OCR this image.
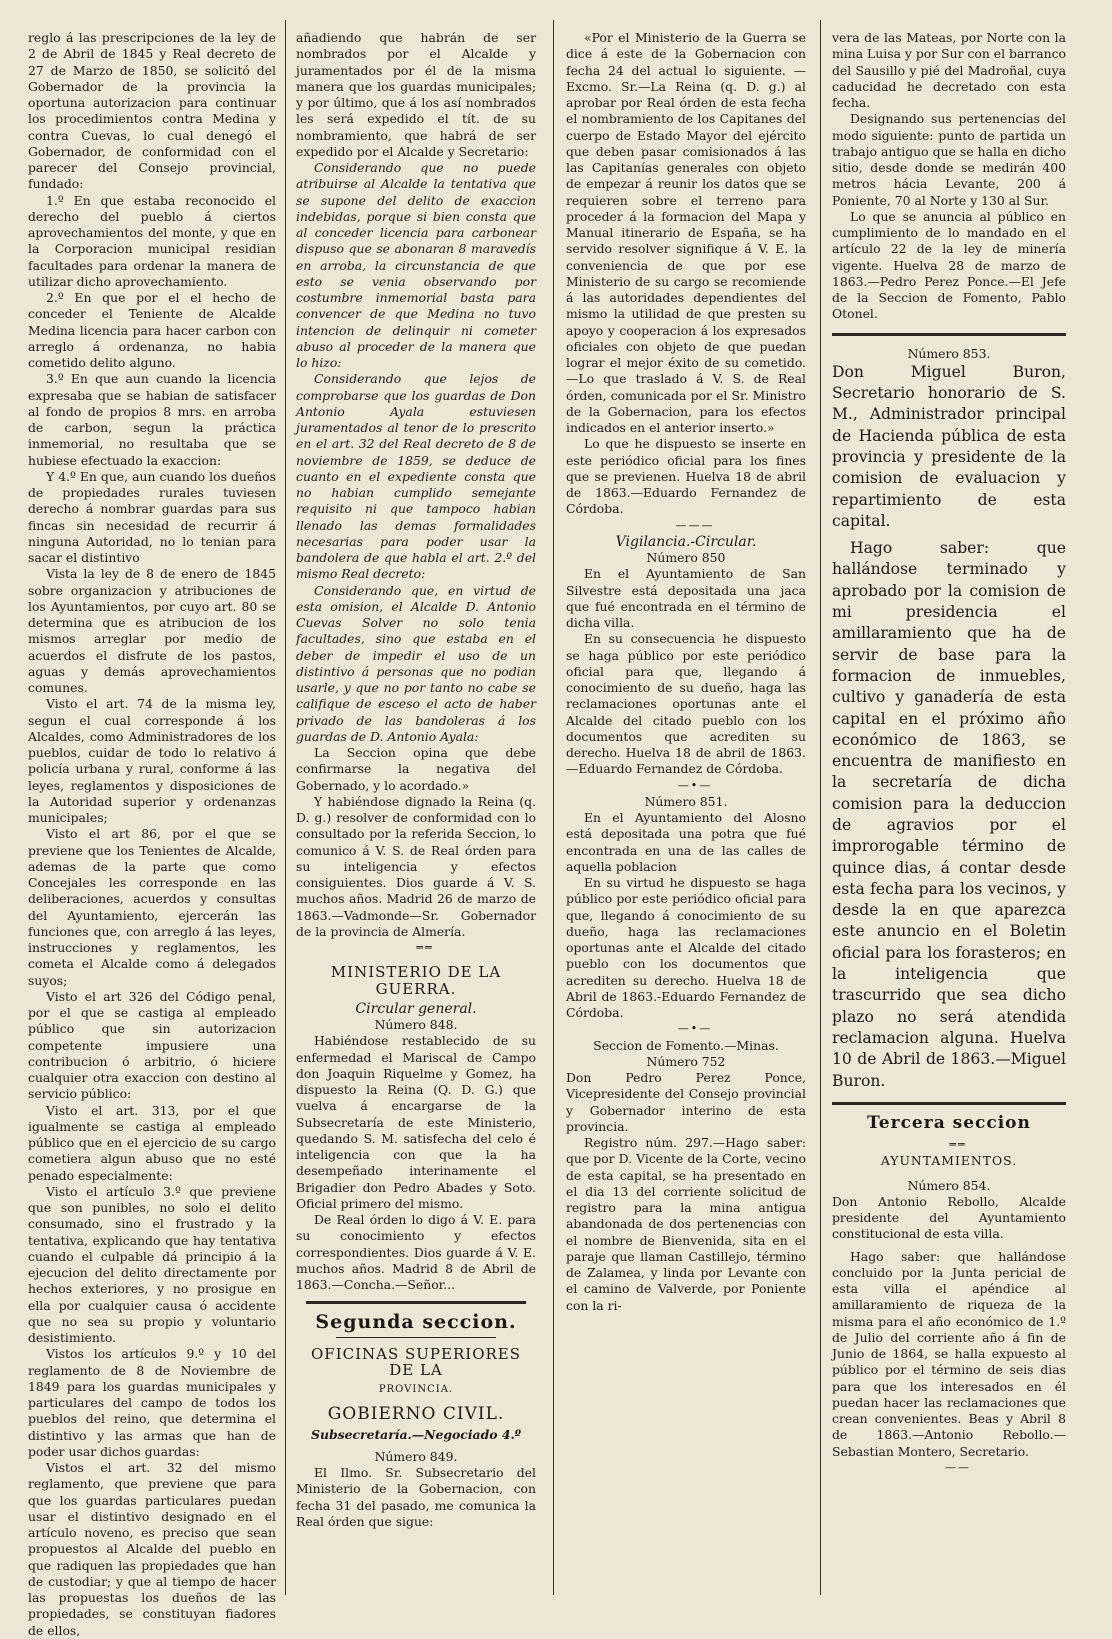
reglo á las prescripciones de la ley de 2 de Abril de 1845 y Real decreto de 27 de Marzo de 1850, se solicitó del Gobernador de la provincia la oportuna autorizacion para continuar los procedimientos contra Medina y contra Cuevas, lo cual denegó el Gobernador, de conformidad con el parecer del Consejo provincial, fundado:

1.º En que estaba reconocido el derecho del pueblo á ciertos aprovechamientos del monte, y que en la Corporacion municipal residian facultades para ordenar la manera de utilizar dicho aprovechamiento.

2.º En que por el el hecho de conceder el Teniente de Alcalde Medina licencia para hacer carbon con arreglo á ordenanza, no habia cometido delito alguno.

3.º En que aun cuando la licencia expresaba que se habian de satisfacer al fondo de propios 8 mrs. en arroba de carbon, segun la práctica inmemorial, no resultaba que se hubiese efectuado la exaccion:

Y 4.º En que, aun cuando los dueños de propiedades rurales tuviesen derecho á nombrar guardas para sus fincas sin necesidad de recurrir á ninguna Autoridad, no lo tenian para sacar el distintivo

Vista la ley de 8 de enero de 1845 sobre organizacion y atribuciones de los Ayuntamientos, por cuyo art. 80 se determina que es atribucion de los mismos arreglar por medio de acuerdos el disfrute de los pastos, aguas y demás aprovechamientos comunes.

Visto el art. 74 de la misma ley, segun el cual corresponde á los Alcaldes, como Administradores de los pueblos, cuidar de todo lo relativo á policía urbana y rural, conforme á las leyes, reglamentos y disposiciones de la Autoridad superior y ordenanzas municipales;

Visto el art 86, por el que se previene que los Tenientes de Alcalde, ademas de la parte que como Concejales les corresponde en las deliberaciones, acuerdos y consultas del Ayuntamiento, ejercerán las funciones que, con arreglo á las leyes, instrucciones y reglamentos, les cometa el Alcalde como á delegados suyos;

Visto el art 326 del Código penal, por el que se castiga al empleado público que sin autorizacion competente impusiere una contribucion ó arbitrio, ó hiciere cualquier otra exaccion con destino al servicio público:

Visto el art. 313, por el que igualmente se castiga al empleado público que en el ejercicio de su cargo cometiera algun abuso que no esté penado especialmente:

Visto el artículo 3.º que previene que son punibles, no solo el delito consumado, sino el frustrado y la tentativa, explicando que hay tentativa cuando el culpable dá principio á la ejecucion del delito directamente por hechos exteriores, y no prosigue en ella por cualquier causa ó accidente que no sea su propio y voluntario desistimiento.

Vistos los artículos 9.º y 10 del reglamento de 8 de Noviembre de 1849 para los guardas municipales y particulares del campo de todos los pueblos del reino, que determina el distintivo y las armas que han de poder usar dichos guardas:

Vistos el art. 32 del mismo reglamento, que previene que para que los guardas particulares puedan usar el distintivo designado en el artículo noveno, es preciso que sean propuestos al Alcalde del pueblo en que radiquen las propiedades que han de custodiar; y que al tiempo de hacer las propuestas los dueños de las propiedades, se constituyan fiadores de ellos,

añadiendo que habrán de ser nombrados por el Alcalde y juramentados por él de la misma manera que los guardas municipales; y por último, que á los así nombrados les será expedido el tít. de su nombramiento, que habrá de ser expedido por el Alcalde y Secretario:

Considerando que no puede atribuirse al Alcalde la tentativa que se supone del delito de exaccion indebidas, porque si bien consta que al conceder licencia para carbonear dispuso que se abonaran 8 maravedís en arroba, la circunstancia de que esto se venia observando por costumbre inmemorial basta para convencer de que Medina no tuvo intencion de delinquir ni cometer abuso al proceder de la manera que lo hizo:

Considerando que lejos de comprobarse que los guardas de Don Antonio Ayala estuviesen juramentados al tenor de lo prescrito en el art. 32 del Real decreto de 8 de noviembre de 1859, se deduce de cuanto en el expediente consta que no habian cumplido semejante requisito ni que tampoco habian llenado las demas formalidades necesarias para poder usar la bandolera de que habla el art. 2.º del mismo Real decreto:

Considerando que, en virtud de esta omision, el Alcalde D. Antonio Cuevas Solver no solo tenia facultades, sino que estaba en el deber de impedir el uso de un distintivo á personas que no podian usarle, y que no por tanto no cabe se califique de esceso el acto de haber privado de las bandoleras á los guardas de D. Antonio Ayala:

La Seccion opina que debe confirmarse la negativa del Gobernado, y lo acordado.»

Y habiéndose dignado la Reina (q. D. g.) resolver de conformidad con lo consultado por la referida Seccion, lo comunico á V. S. de Real órden para su inteligencia y efectos consiguientes. Dios guarde á V. S. muchos años. Madrid 26 de marzo de 1863.—Vadmonde—Sr. Gobernador de la provincia de Almería.

══

MINISTERIO DE LA GUERRA.

Circular general.

Número 848.

Habiéndose restablecido de su enfermedad el Mariscal de Campo don Joaquin Riquelme y Gomez, ha dispuesto la Reina (Q. D. G.) que vuelva á encargarse de la Subsecretaría de este Ministerio, quedando S. M. satisfecha del celo é inteligencia con que la ha desempeñado interinamente el Brigadier don Pedro Abades y Soto. Oficial primero del mismo.

De Real órden lo digo á V. E. para su conocimiento y efectos correspondientes. Dios guarde á V. E. muchos años. Madrid 8 de Abril de 1863.—Concha.—Señor...

Segunda seccion.

OFICINAS SUPERIORES DE LA

PROVINCIA.

GOBIERNO CIVIL.

Subsecretaría.—Negociado 4.º

Número 849.

El Ilmo. Sr. Subsecretario del Ministerio de la Gobernacion, con fecha 31 del pasado, me comunica la Real órden que sigue:

«Por el Ministerio de la Guerra se dice á este de la Gobernacion con fecha 24 del actual lo siguiente. —Excmo. Sr.—La Reina (q. D. g.) al aprobar por Real órden de esta fecha el nombramiento de los Capitanes del cuerpo de Estado Mayor del ejército que deben pasar comisionados á las las Capitanías generales con objeto de empezar á reunir los datos que se requieren sobre el terreno para proceder á la formacion del Mapa y Manual itinerario de España, se ha servido resolver signifique á V. E. la conveniencia de que por ese Ministerio de su cargo se recomiende á las autoridades dependientes del mismo la utilidad de que presten su apoyo y cooperacion á los expresados oficiales con objeto de que puedan lograr el mejor éxito de su cometido.—Lo que traslado á V. S. de Real órden, comunicada por el Sr. Ministro de la Gobernacion, para los efectos indicados en el anterior inserto.»

Lo que he dispuesto se inserte en este periódico oficial para los fines que se previenen. Huelva 18 de abril de 1863.—Eduardo Fernandez de Córdoba.

———

Vigilancia.-Circular.

Número 850

En el Ayuntamiento de San Silvestre está depositada una jaca que fué encontrada en el término de dicha villa.

En su consecuencia he dispuesto se haga público por este periódico oficial para que, llegando á conocimiento de su dueño, haga las reclamaciones oportunas ante el Alcalde del citado pueblo con los documentos que acrediten su derecho. Huelva 18 de abril de 1863.—Eduardo Fernandez de Córdoba.

—•—

Número 851.

En el Ayuntamiento del Alosno está depositada una potra que fué encontrada en una de las calles de aquella poblacion

En su virtud he dispuesto se haga público por este periódico oficial para que, llegando á conocimiento de su dueño, haga las reclamaciones oportunas ante el Alcalde del citado pueblo con los documentos que acrediten su derecho. Huelva 18 de Abril de 1863.-Eduardo Fernandez de Córdoba.

—•—

Seccion de Fomento.—Minas.

Número 752

Don Pedro Perez Ponce, Vicepresidente del Consejo provincial y Gobernador interino de esta provincia.

Registro núm. 297.—Hago saber: que por D. Vicente de la Corte, vecino de esta capital, se ha presentado en el dia 13 del corriente solicitud de registro para la mina antigua abandonada de dos pertenencias con el nombre de Bienvenida, sita en el paraje que llaman Castillejo, término de Zalamea, y linda por Levante con el camino de Valverde, por Poniente con la ri-

vera de las Mateas, por Norte con la mina Luisa y por Sur con el barranco del Sausillo y pié del Madroñal, cuya caducidad he decretado con esta fecha.

Designando sus pertenencias del modo siguiente: punto de partida un trabajo antiguo que se halla en dicho sitio, desde donde se medirán 400 metros hácia Levante, 200 á Poniente, 70 al Norte y 130 al Sur.

Lo que se anuncia al público en cumplimiento de lo mandado en el artículo 22 de la ley de minería vigente. Huelva 28 de marzo de 1863.—Pedro Perez Ponce.—El Jefe de la Seccion de Fomento, Pablo Otonel.

Número 853.

Don Miguel Buron, Secretario honorario de S. M., Administrador principal de Hacienda pública de esta provincia y presidente de la comision de evaluacion y repartimiento de esta capital.

Hago saber: que hallándose terminado y aprobado por la comision de mi presidencia el amillaramiento que ha de servir de base para la formacion de inmuebles, cultivo y ganadería de esta capital en el próximo año económico de 1863, se encuentra de manifiesto en la secretaría de dicha comision para la deduccion de agravios por el improrogable término de quince dias, á contar desde esta fecha para los vecinos, y desde la en que aparezca este anuncio en el Boletin oficial para los forasteros; en la inteligencia que trascurrido que sea dicho plazo no será atendida reclamacion alguna. Huelva 10 de Abril de 1863.—Miguel Buron.

Tercera seccion

══

AYUNTAMIENTOS.

Número 854.

Don Antonio Rebollo, Alcalde presidente del Ayuntamiento constitucional de esta villa.

Hago saber: que hallándose concluido por la Junta pericial de esta villa el apéndice al amillaramiento de riqueza de la misma para el año económico de 1.º de Julio del corriente año á fin de Junio de 1864, se halla expuesto al público por el término de seis dias para que los interesados en él puedan hacer las reclamaciones que crean convenientes. Beas y Abril 8 de 1863.—Antonio Rebollo.—Sebastian Montero, Secretario.

——
